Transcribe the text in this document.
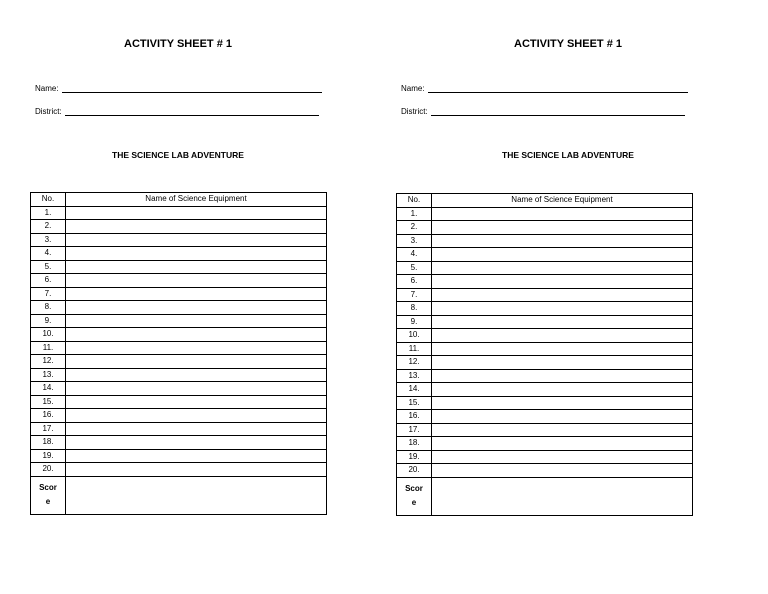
ACTIVITY SHEET # 1
Name:
District:
THE SCIENCE LAB ADVENTURE
No.	Name of Science Equipment
1.	
2.	
3.	
4.	
5.	
6.	
7.	
8.	
9.	
10.	
11.	
12.	
13.	
14.	
15.	
16.	
17.	
18.	
19.	
20.	
Score	
ACTIVITY SHEET # 1
Name:
District:
THE SCIENCE LAB ADVENTURE
No.	Name of Science Equipment
1.	
2.	
3.	
4.	
5.	
6.	
7.	
8.	
9.	
10.	
11.	
12.	
13.	
14.	
15.	
16.	
17.	
18.	
19.	
20.	
Score	
